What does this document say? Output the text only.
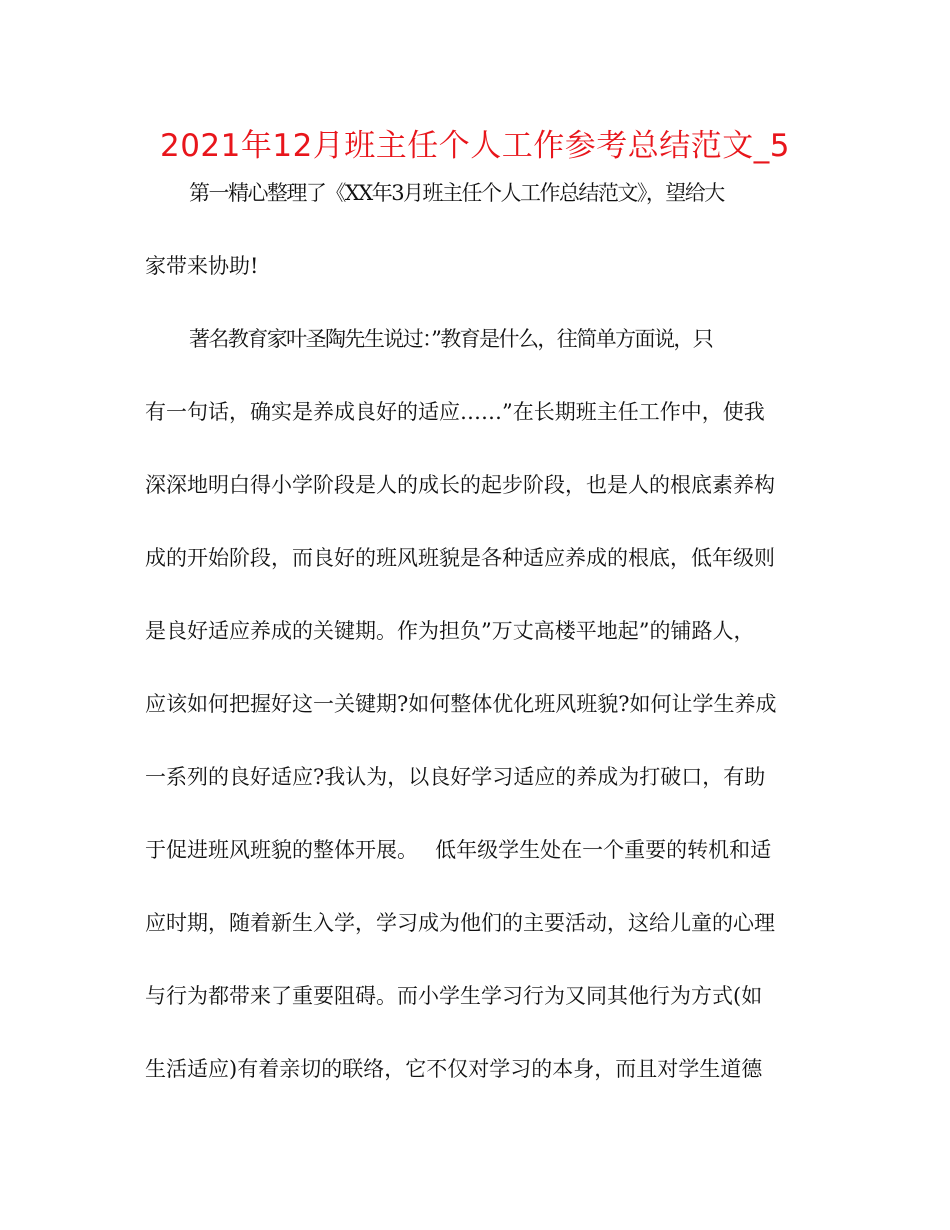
2021年12月班主任个人工作参考总结范文_5
第一精心整理了《XX年3月班主任个人工作总结范文》，望给大
家带来协助!
著名教育家叶圣陶先生说过：”教育是什么，往简单方面说，只
有一句话，确实是养成良好的适应……”在长期班主任工作中，使我
深深地明白得小学阶段是人的成长的起步阶段，也是人的根底素养构
成的开始阶段，而良好的班风班貌是各种适应养成的根底，低年级则
是良好适应养成的关键期。作为担负”万丈高楼平地起”的铺路人，
应该如何把握好这一关键期?如何整体优化班风班貌?如何让学生养成
一系列的良好适应?我认为，以良好学习适应的养成为打破口，有助
于促进班风班貌的整体开展。　 低年级学生处在一个重要的转机和适
应时期，随着新生入学，学习成为他们的主要活动，这给儿童的心理
与行为都带来了重要阻碍。而小学生学习行为又同其他行为方式(如
生活适应)有着亲切的联络，它不仅对学习的本身，而且对学生道德
